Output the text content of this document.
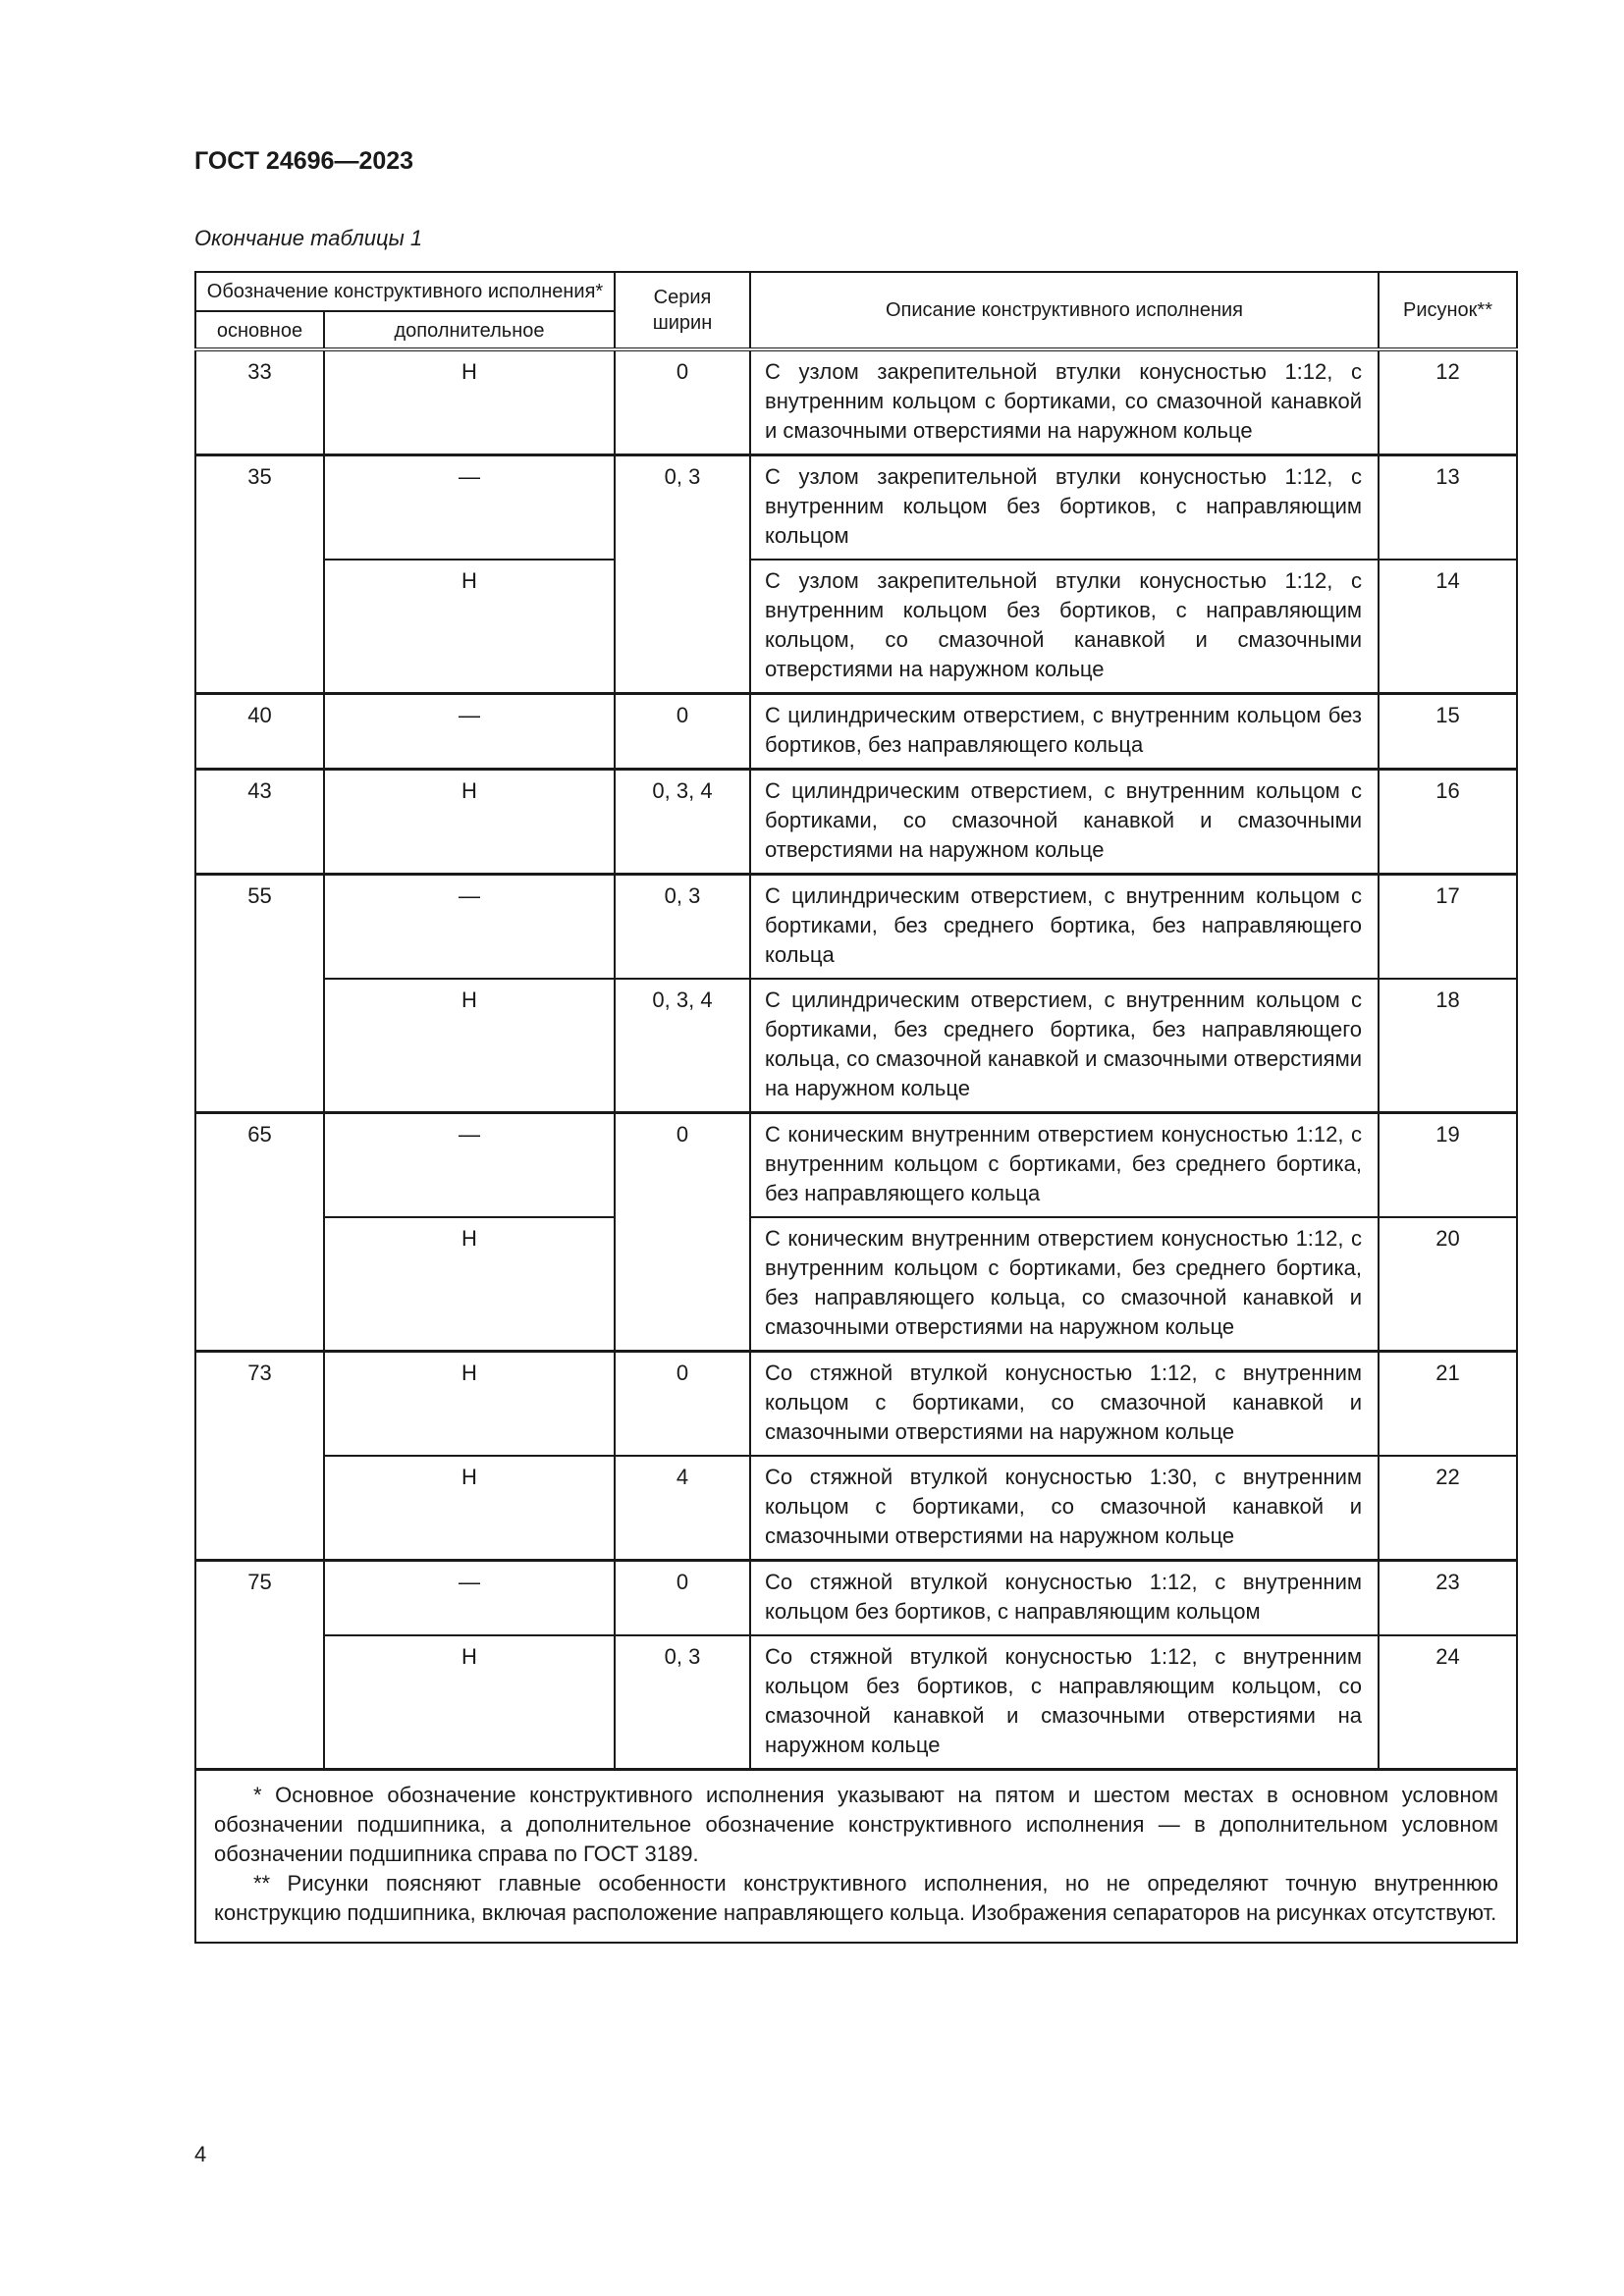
ГОСТ 24696—2023
Окончание таблицы 1
Обозначение конструктивного исполнения*		Серия ширин	Описание конструктивного исполнения	Рисунок**
основное	дополнительное			
33	Н	0	С узлом закрепительной втулки конусностью 1:12, с внутренним кольцом с бортиками, со смазочной канавкой и смазочными отверстиями на наружном кольце	12
35	—	0, 3	С узлом закрепительной втулки конусностью 1:12, с внутренним кольцом без бортиков, с направляющим кольцом	13
	Н		С узлом закрепительной втулки конусностью 1:12, с внутренним кольцом без бортиков, с направляющим кольцом, со смазочной канавкой и смазочными отверстиями на наружном кольце	14
40	—	0	С цилиндрическим отверстием, с внутренним кольцом без бортиков, без направляющего кольца	15
43	Н	0, 3, 4	С цилиндрическим отверстием, с внутренним кольцом с бортиками, со смазочной канавкой и смазочными отверстиями на наружном кольце	16
55	—	0, 3	С цилиндрическим отверстием, с внутренним кольцом с бортиками, без среднего бортика, без направляющего кольца	17
	Н	0, 3, 4	С цилиндрическим отверстием, с внутренним кольцом с бортиками, без среднего бортика, без направляющего кольца, со смазочной канавкой и смазочными отверстиями на наружном кольце	18
65	—	0	С коническим внутренним отверстием конусностью 1:12, с внутренним кольцом с бортиками, без среднего бортика, без направляющего кольца	19
	Н		С коническим внутренним отверстием конусностью 1:12, с внутренним кольцом с бортиками, без среднего бортика, без направляющего кольца, со смазочной канавкой и смазочными отверстиями на наружном кольце	20
73	Н	0	Со стяжной втулкой конусностью 1:12, с внутренним кольцом с бортиками, со смазочной канавкой и смазочными отверстиями на наружном кольце	21
	Н	4	Со стяжной втулкой конусностью 1:30, с внутренним кольцом с бортиками, со смазочной канавкой и смазочными отверстиями на наружном кольце	22
75	—	0	Со стяжной втулкой конусностью 1:12, с внутренним кольцом без бортиков, с направляющим кольцом	23
	Н	0, 3	Со стяжной втулкой конусностью 1:12, с внутренним кольцом без бортиков, с направляющим кольцом, со смазочной канавкой и смазочными отверстиями на наружном кольце	24

* Основное обозначение конструктивного исполнения указывают на пятом и шестом местах в основном условном обозначении подшипника, а дополнительное обозначение конструктивного исполнения — в дополнительном условном обозначении подшипника справа по ГОСТ 3189.

** Рисунки поясняют главные особенности конструктивного исполнения, но не определяют точную внутреннюю конструкцию подшипника, включая расположение направляющего кольца. Изображения сепараторов на рисунках отсутствуют.				

4
